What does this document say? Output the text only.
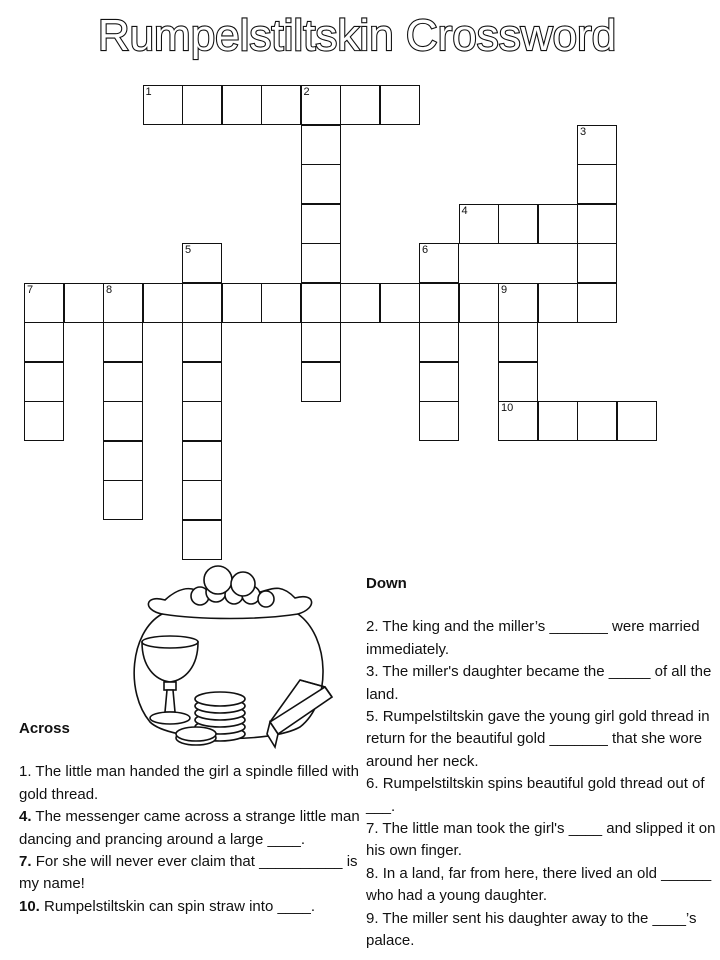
Rumpelstiltskin Crossword
1	2
3
4
5	6
7	8	9
10
Across

1. The little man handed the girl a spindle filled with gold thread.

4. The messenger came across a strange little man dancing and prancing around a large ____.

7. For she will never ever claim that __________ is my name!

10. Rumpelstiltskin can spin straw into ____.

Down

2. The king and the miller’s _______ were married immediately.

3. The miller's daughter became the _____ of all the land.

5. Rumpelstiltskin gave the young girl gold thread in return for the beautiful gold _______ that she wore around her neck.

6. Rumpelstiltskin spins beautiful gold thread out of ___.

7. The little man took the girl's ____ and slipped it on his own finger.

8. In a land, far from here, there lived an old ______ who had a young daughter.

9. The miller sent his daughter away to the ____’s palace.
